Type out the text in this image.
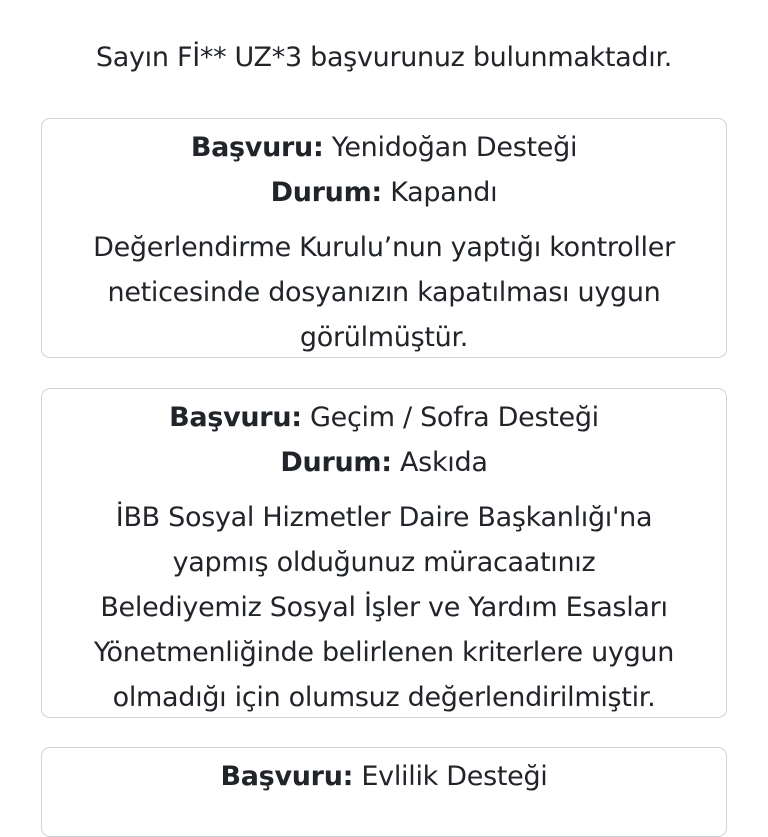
Sayın Fİ** UZ*3 başvurunuz bulunmaktadır.
Başvuru: Yenidoğan Desteği
Durum: Kapandı
Değerlendirme Kurulu’nun yaptığı kontroller neticesinde dosyanızın kapatılması uygun görülmüştür.
Başvuru: Geçim / Sofra Desteği
Durum: Askıda
İBB Sosyal Hizmetler Daire Başkanlığı'na yapmış olduğunuz müracaatınız Belediyemiz Sosyal İşler ve Yardım Esasları Yönetmenliğinde belirlenen kriterlere uygun olmadığı için olumsuz değerlendirilmiştir.
Başvuru: Evlilik Desteği
